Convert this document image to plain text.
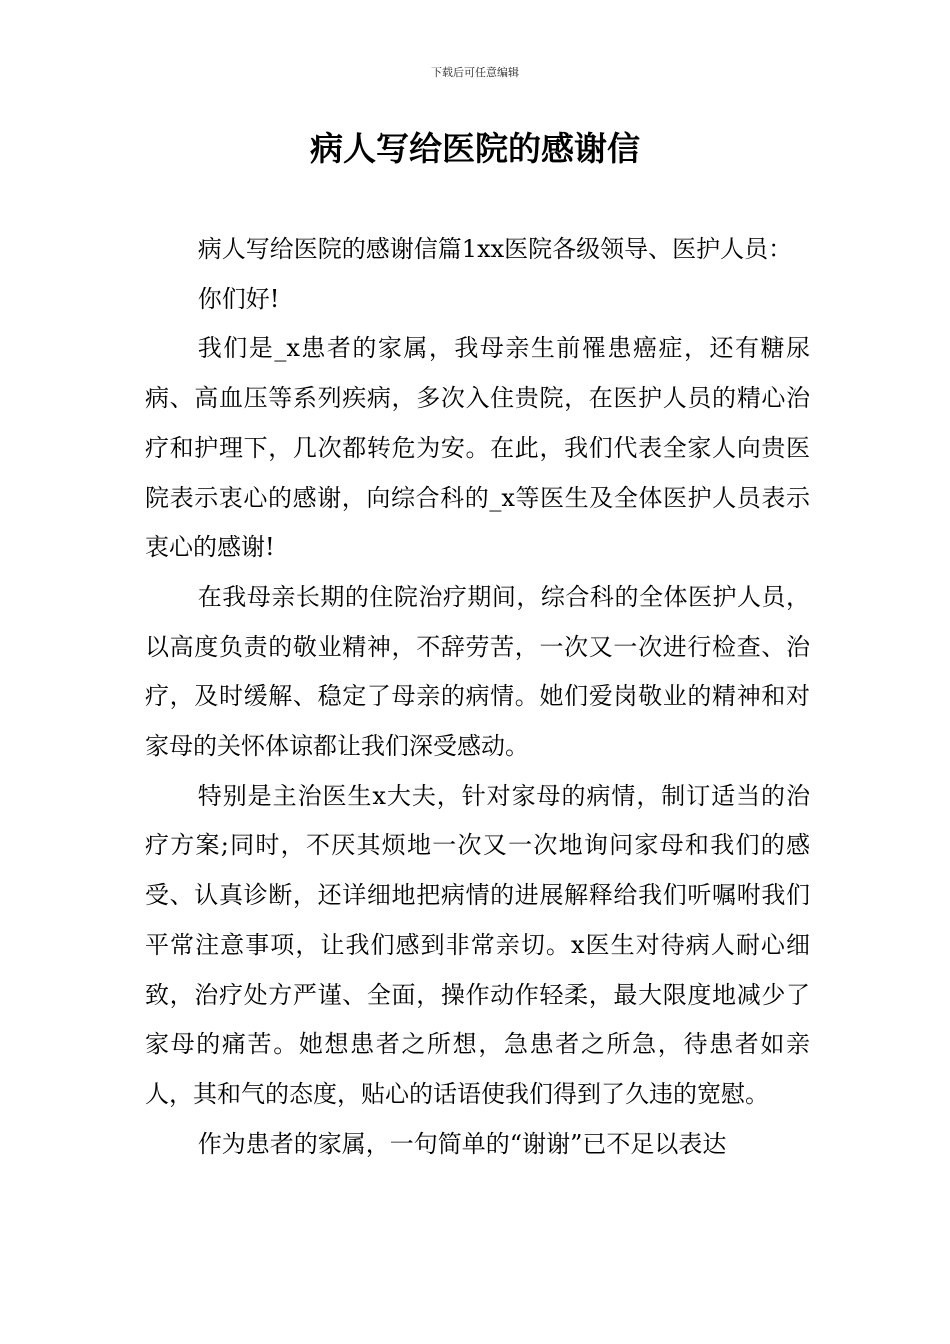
下载后可任意编辑
病人写给医院的感谢信

病人写给医院的感谢信篇1xx医院各级领导、医护人员：

你们好!

我们是_x患者的家属，我母亲生前罹患癌症，还有糖尿病、高血压等系列疾病，多次入住贵院，在医护人员的精心治疗和护理下，几次都转危为安。在此，我们代表全家人向贵医院表示衷心的感谢，向综合科的_x等医生及全体医护人员表示衷心的感谢!

在我母亲长期的住院治疗期间，综合科的全体医护人员，以高度负责的敬业精神，不辞劳苦，一次又一次进行检查、治疗，及时缓解、稳定了母亲的病情。她们爱岗敬业的精神和对家母的关怀体谅都让我们深受感动。

特别是主治医生x大夫，针对家母的病情，制订适当的治疗方案;同时，不厌其烦地一次又一次地询问家母和我们的感受、认真诊断，还详细地把病情的进展解释给我们听嘱咐我们平常注意事项，让我们感到非常亲切。x医生对待病人耐心细致，治疗处方严谨、全面，操作动作轻柔，最大限度地减少了家母的痛苦。她想患者之所想，急患者之所急，待患者如亲人，其和气的态度，贴心的话语使我们得到了久违的宽慰。

作为患者的家属，一句简单的“谢谢”已不足以表达
